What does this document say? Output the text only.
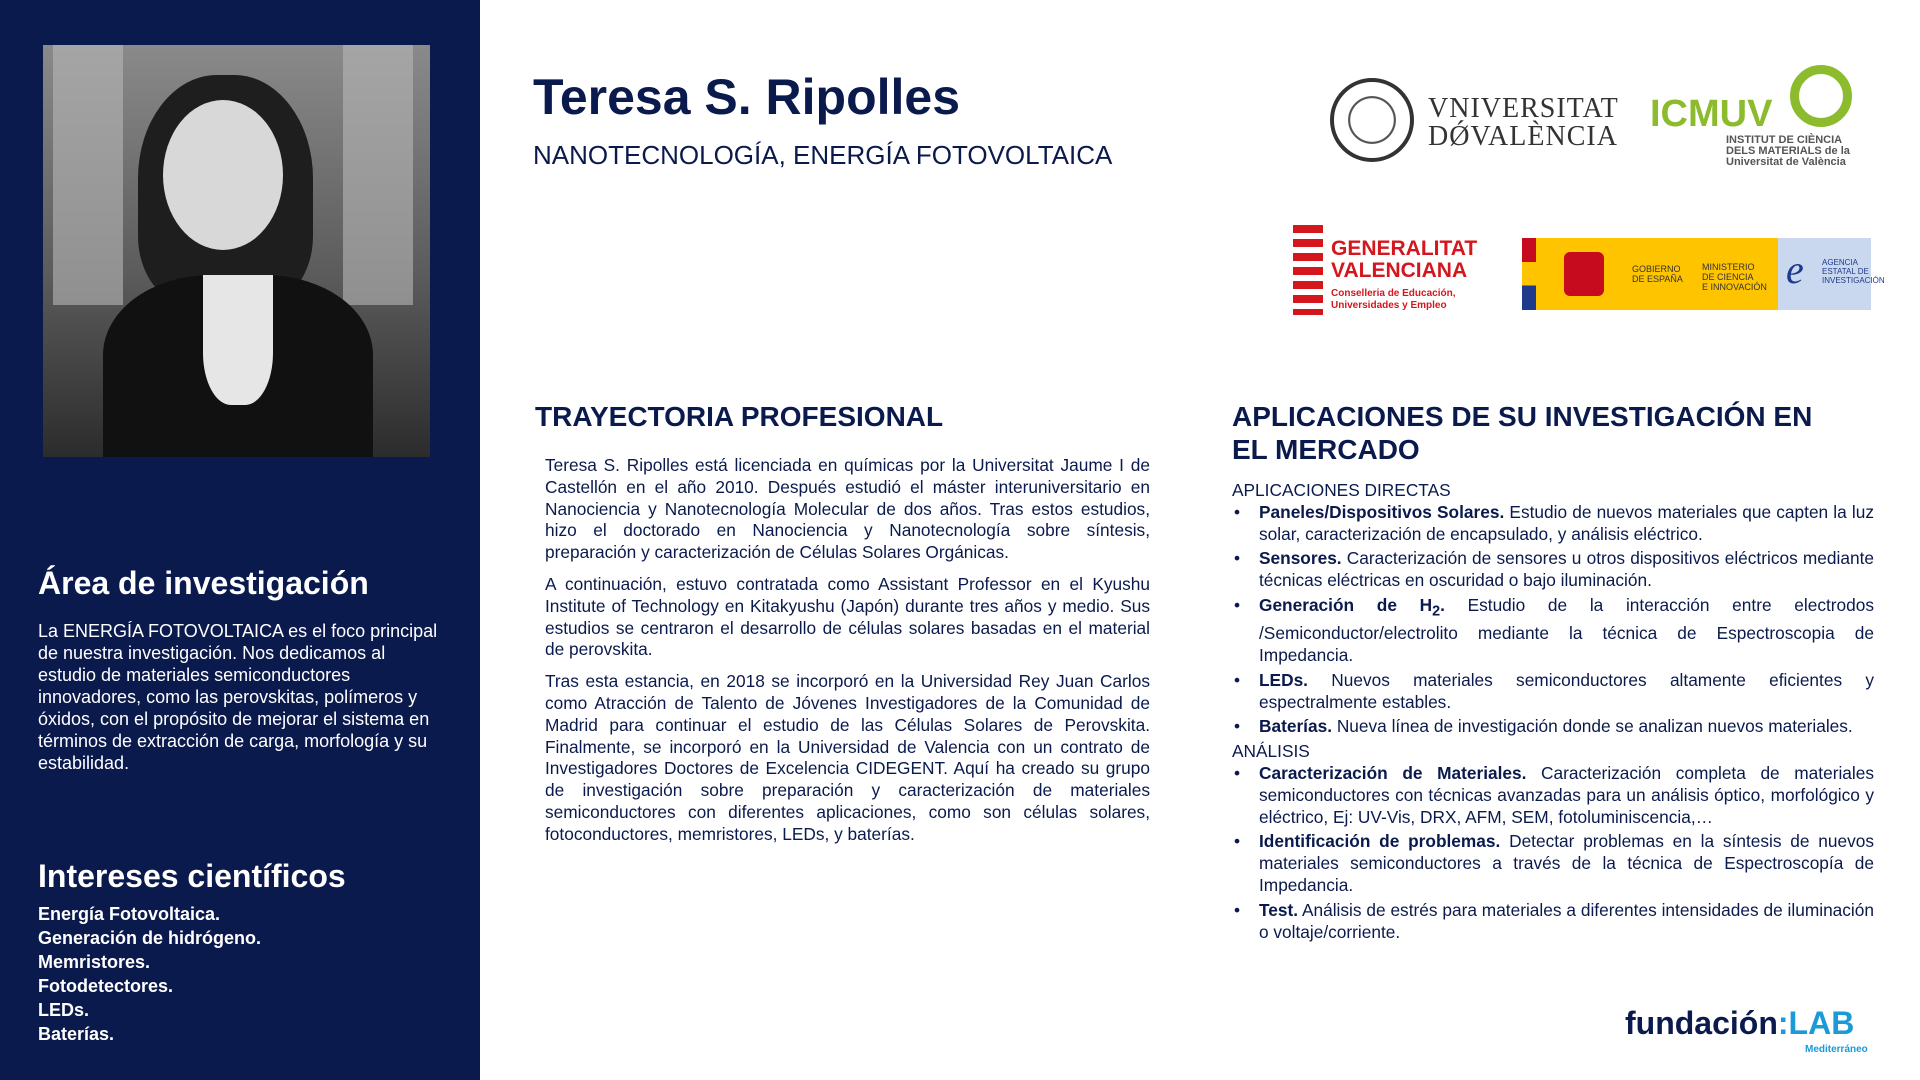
Área de investigación

La ENERGÍA FOTOVOLTAICA es el foco principal de nuestra investigación. Nos dedicamos al estudio de materiales semiconductores innovadores, como las perovskitas, polímeros y óxidos, con el propósito de mejorar el sistema en términos de extracción de carga, morfología y su estabilidad.

Intereses científicos
Energía Fotovoltaica.
Generación de hidrógeno.
Memristores.
Fotodetectores.
LEDs.
Baterías.
Teresa S. Ripolles
NANOTECNOLOGÍA, ENERGÍA FOTOVOLTAICA
VNIVERSITAT
DǾVALÈNCIA
ICMUV
INSTITUT DE CIÈNCIA
DELS MATERIALS de la
Universitat de València
GENERALITAT
VALENCIANA
Conselleria de Educación,
Universidades y Empleo
GOBIERNO
DE ESPAÑA
MINISTERIO
DE CIENCIA
E INNOVACIÓN e AGENCIA
ESTATAL DE
INVESTIGACIÓN
TRAYECTORIA PROFESIONAL

Teresa S. Ripolles está licenciada en químicas por la Universitat Jaume I de Castellón en el año 2010. Después estudió el máster interuniversitario en Nanociencia y Nanotecnología Molecular de dos años. Tras estos estudios, hizo el doctorado en Nanociencia y Nanotecnología sobre síntesis, preparación y caracterización de Células Solares Orgánicas.

A continuación, estuvo contratada como Assistant Professor en el Kyushu Institute of Technology en Kitakyushu (Japón) durante tres años y medio. Sus estudios se centraron el desarrollo de células solares basadas en el material de perovskita.

Tras esta estancia, en 2018 se incorporó en la Universidad Rey Juan Carlos como Atracción de Talento de Jóvenes Investigadores de la Comunidad de Madrid para continuar el estudio de las Células Solares de Perovskita. Finalmente, se incorporó en la Universidad de Valencia con un contrato de Investigadores Doctores de Excelencia CIDEGENT. Aquí ha creado su grupo de investigación sobre preparación y caracterización de materiales semiconductores con diferentes aplicaciones, como son células solares, fotoconductores, memristores, LEDs, y baterías.

APLICACIONES DE SU INVESTIGACIÓN EN
EL MERCADO

APLICACIONES DIRECTAS

• Paneles/Dispositivos Solares. Estudio de nuevos materiales que capten la luz solar, caracterización de encapsulado, y análisis eléctrico.
• Sensores. Caracterización de sensores u otros dispositivos eléctricos mediante técnicas eléctricas en oscuridad o bajo iluminación.
• Generación de $H_2$. Estudio de la interacción entre electrodos /Semiconductor/electrolito mediante la técnica de Espectroscopia de Impedancia.
• LEDs. Nuevos materiales semiconductores altamente eficientes y espectralmente estables.
• Baterías. Nueva línea de investigación donde se analizan nuevos materiales.

ANÁLISIS

• Caracterización de Materiales. Caracterización completa de materiales semiconductores con técnicas avanzadas para un análisis óptico, morfológico y eléctrico, Ej: UV-Vis, DRX, AFM, SEM, fotoluminiscencia,…
• Identificación de problemas. Detectar problemas en la síntesis de nuevos materiales semiconductores a través de la técnica de Espectroscopía de Impedancia.
• Test. Análisis de estrés para materiales a diferentes intensidades de iluminación o voltaje/corriente.
fundación:LAB
Mediterráneo
